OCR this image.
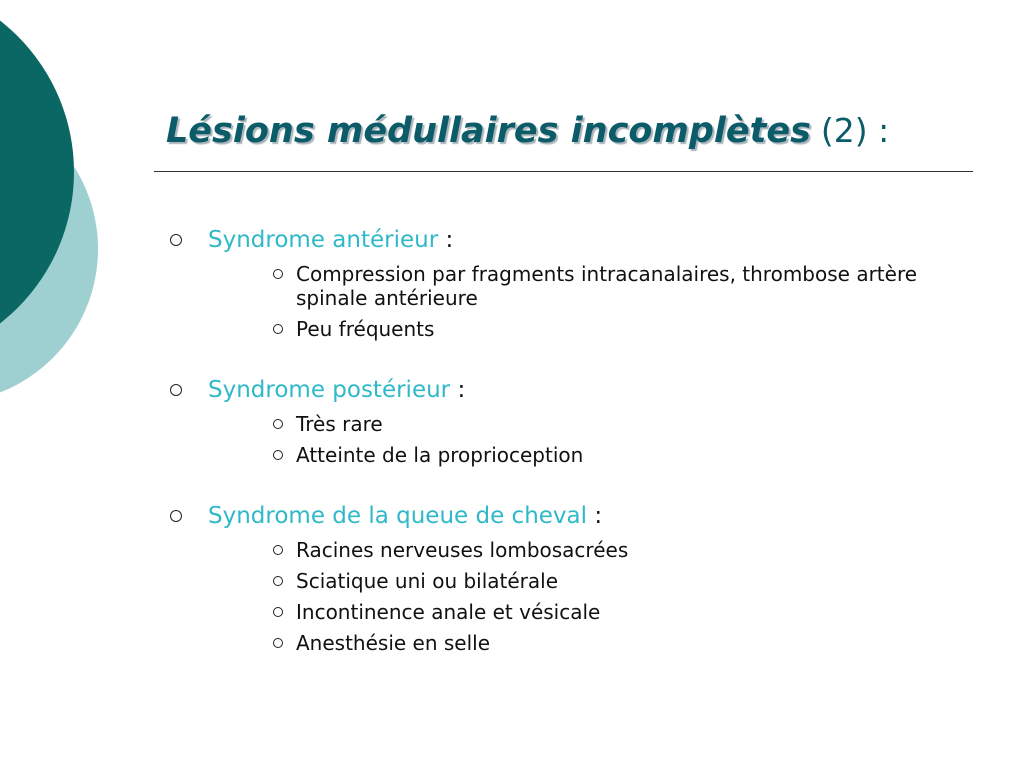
Lésions médullaires incomplètes (2) :
Syndrome antérieur :
Compression par fragments intracanalaires, thrombose artère spinale antérieure
Peu fréquents
Syndrome postérieur :
Très rare
Atteinte de la proprioception
Syndrome de la queue de cheval :
Racines nerveuses lombosacrées
Sciatique uni ou bilatérale
Incontinence anale et vésicale
Anesthésie en selle
